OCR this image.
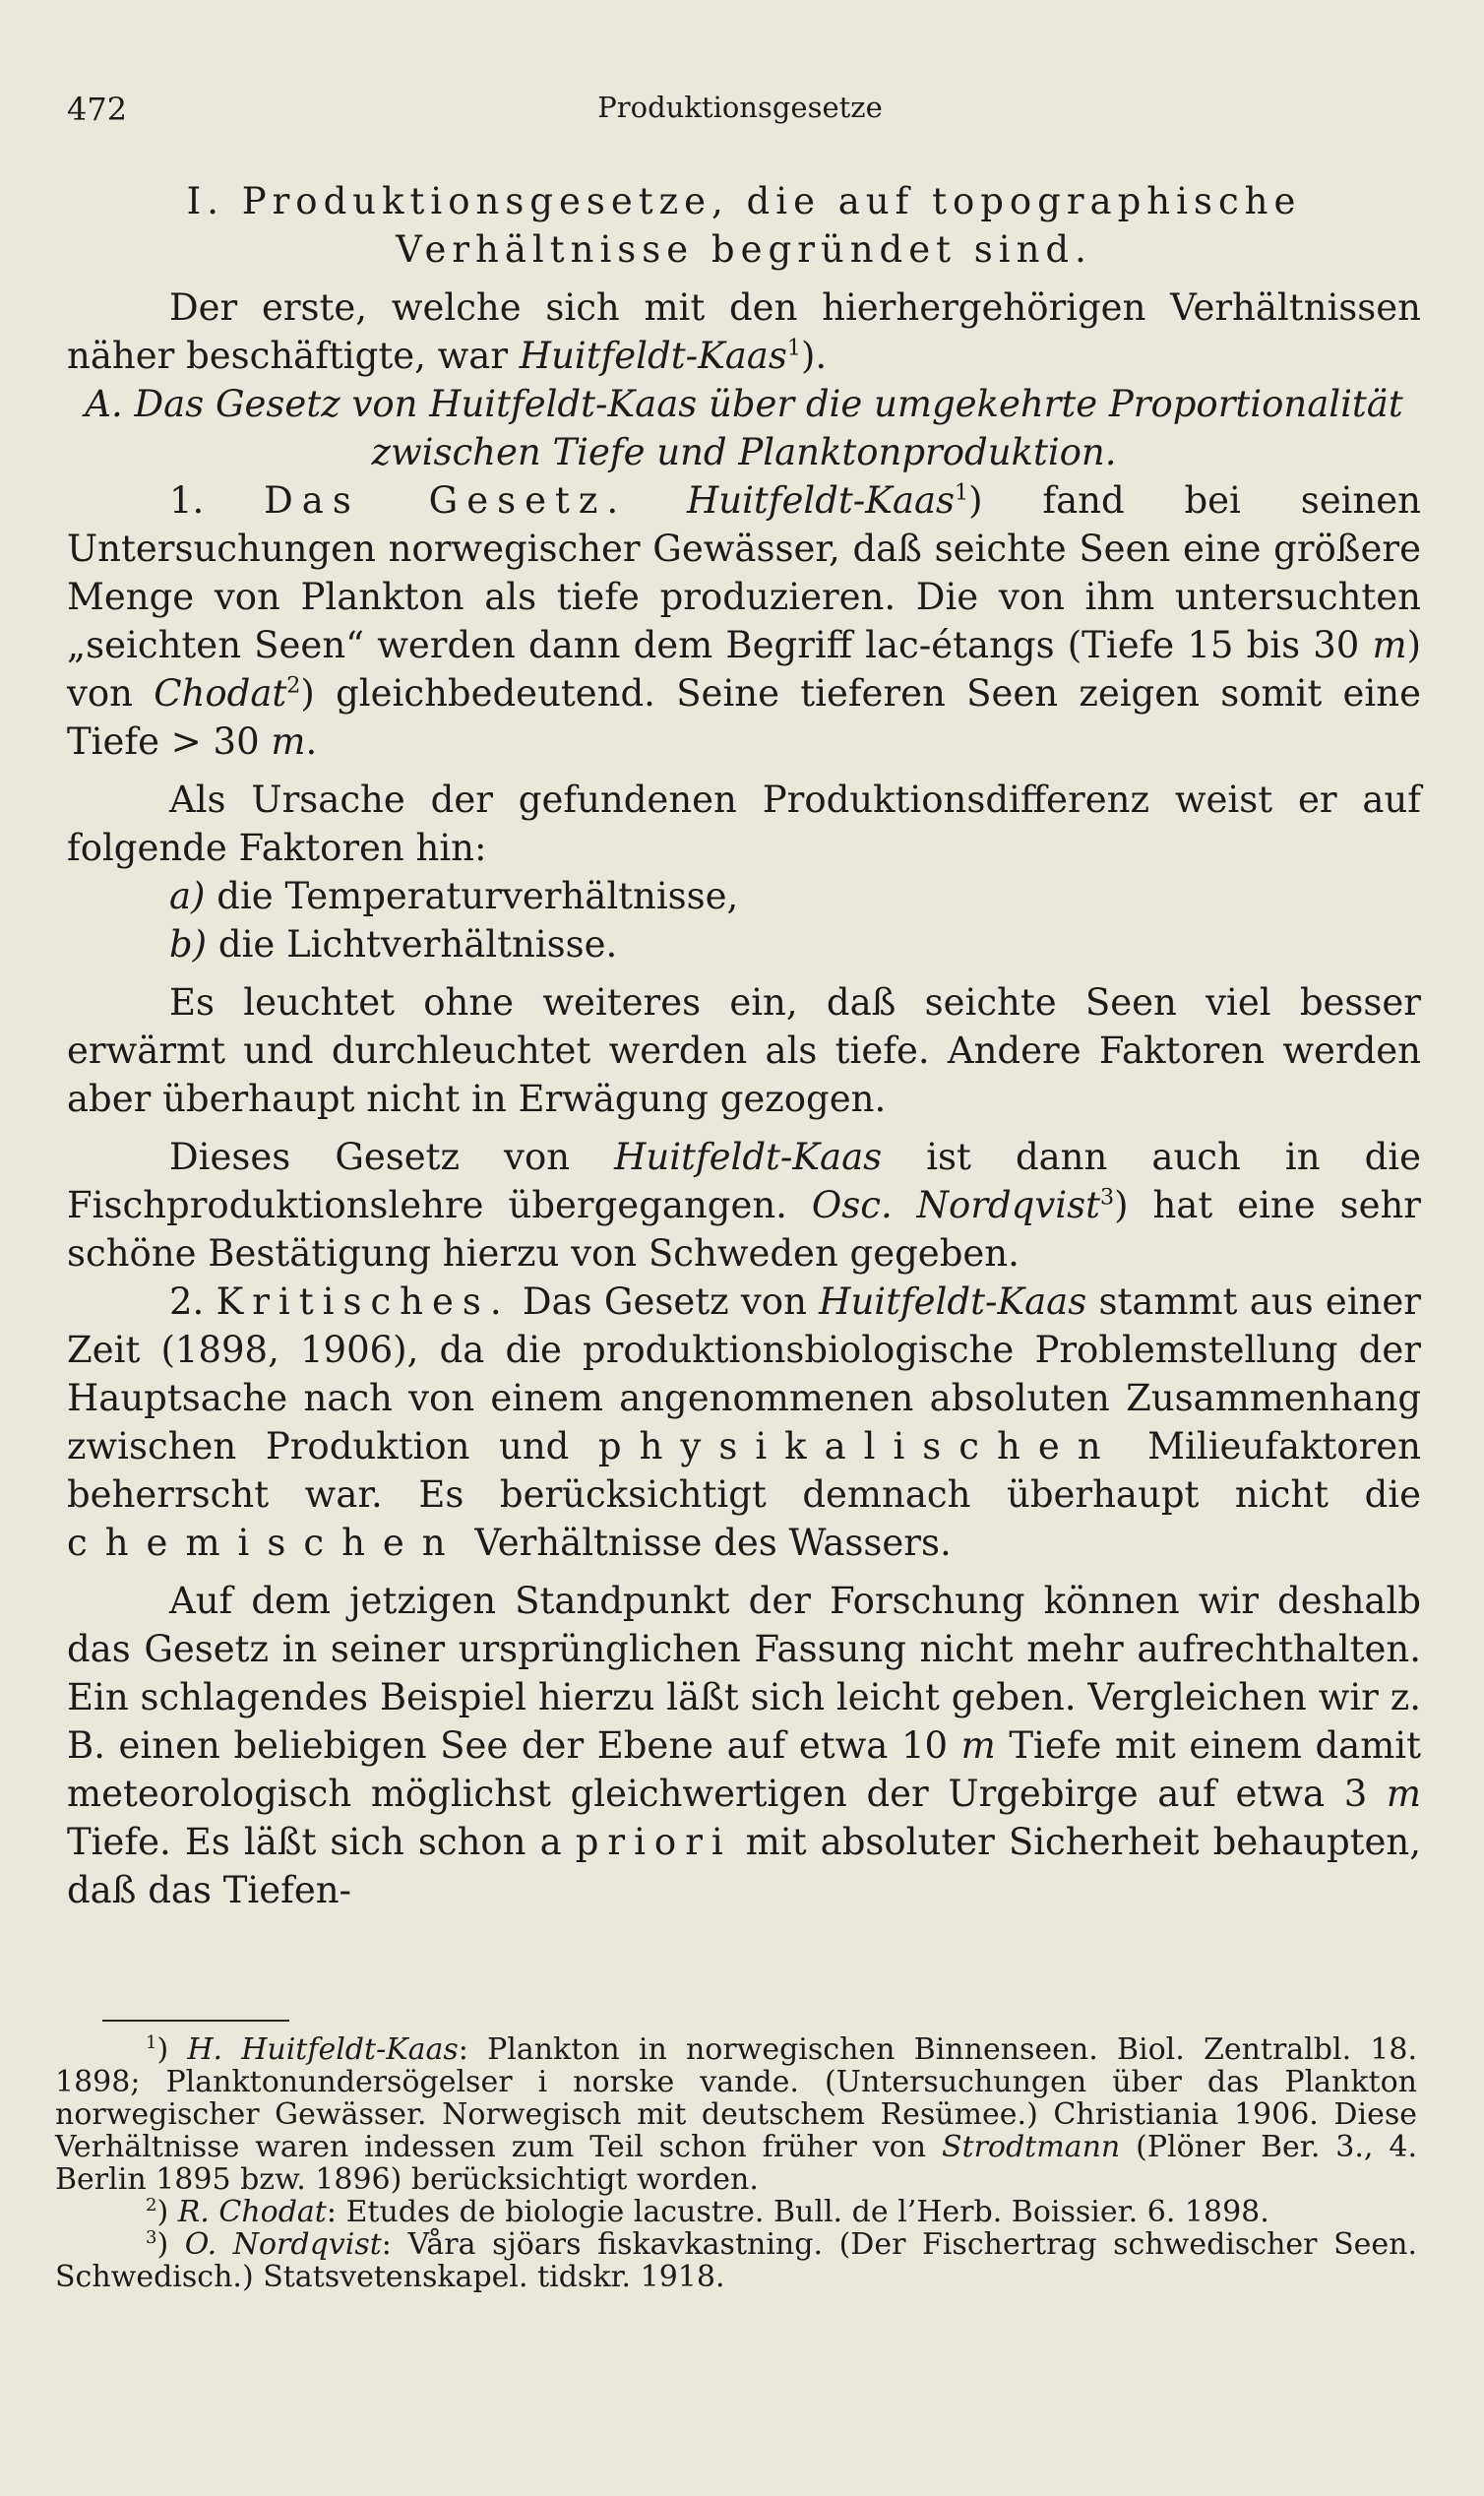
472	Produktionsgesetze

I. Produktionsgesetze, die auf topographische

Verhältnisse begründet sind.

Der erste, welche sich mit den hierhergehörigen Verhältnissen näher beschäftigte, war Huitfeldt-Kaas$^1$).

A. Das Gesetz von Huitfeldt-Kaas über die umgekehrte Proportionalität

zwischen Tiefe und Planktonproduktion.

1. Das Gesetz. Huitfeldt-Kaas$^1$) fand bei seinen Untersuchungen norwegischer Gewässer, daß seichte Seen eine größere Menge von Plankton als tiefe produzieren. Die von ihm untersuchten „seichten Seen“ werden dann dem Begriff lac-étangs (Tiefe 15 bis 30 m) von Chodat$^2$) gleichbedeutend. Seine tieferen Seen zeigen somit eine Tiefe > 30 m.

Als Ursache der gefundenen Produktionsdifferenz weist er auf folgende Faktoren hin:

a) die Temperaturverhältnisse,

b) die Lichtverhältnisse.

Es leuchtet ohne weiteres ein, daß seichte Seen viel besser erwärmt und durchleuchtet werden als tiefe. Andere Faktoren werden aber überhaupt nicht in Erwägung gezogen.

Dieses Gesetz von Huitfeldt-Kaas ist dann auch in die Fischproduktionslehre übergegangen. Osc. Nordqvist$^3$) hat eine sehr schöne Bestätigung hierzu von Schweden gegeben.

2. Kritisches. Das Gesetz von Huitfeldt-Kaas stammt aus einer Zeit (1898, 1906), da die produktionsbiologische Problemstellung der Hauptsache nach von einem angenommenen absoluten Zusammenhang zwischen Produktion und physikalischen Milieufaktoren beherrscht war. Es berücksichtigt demnach überhaupt nicht die chemischen Verhältnisse des Wassers.

Auf dem jetzigen Standpunkt der Forschung können wir deshalb das Gesetz in seiner ursprünglichen Fassung nicht mehr aufrechthalten. Ein schlagendes Beispiel hierzu läßt sich leicht geben. Vergleichen wir z. B. einen beliebigen See der Ebene auf etwa 10 m Tiefe mit einem damit meteorologisch möglichst gleichwertigen der Urgebirge auf etwa 3 m Tiefe. Es läßt sich schon a priori mit absoluter Sicherheit behaupten, daß das Tiefen-

$^1$) H. Huitfeldt-Kaas: Plankton in norwegischen Binnenseen. Biol. Zentralbl. 18. 1898; Planktonundersögelser i norske vande. (Untersuchungen über das Plankton norwegischer Gewässer. Norwegisch mit deutschem Resümee.) Christiania 1906. Diese Verhältnisse waren indessen zum Teil schon früher von Strodtmann (Plöner Ber. 3., 4. Berlin 1895 bzw. 1896) berücksichtigt worden.

$^2$) R. Chodat: Etudes de biologie lacustre. Bull. de l’Herb. Boissier. 6. 1898.

$^3$) O. Nordqvist: Våra sjöars fiskavkastning. (Der Fischertrag schwedischer Seen. Schwedisch.) Statsvetenskapel. tidskr. 1918.
